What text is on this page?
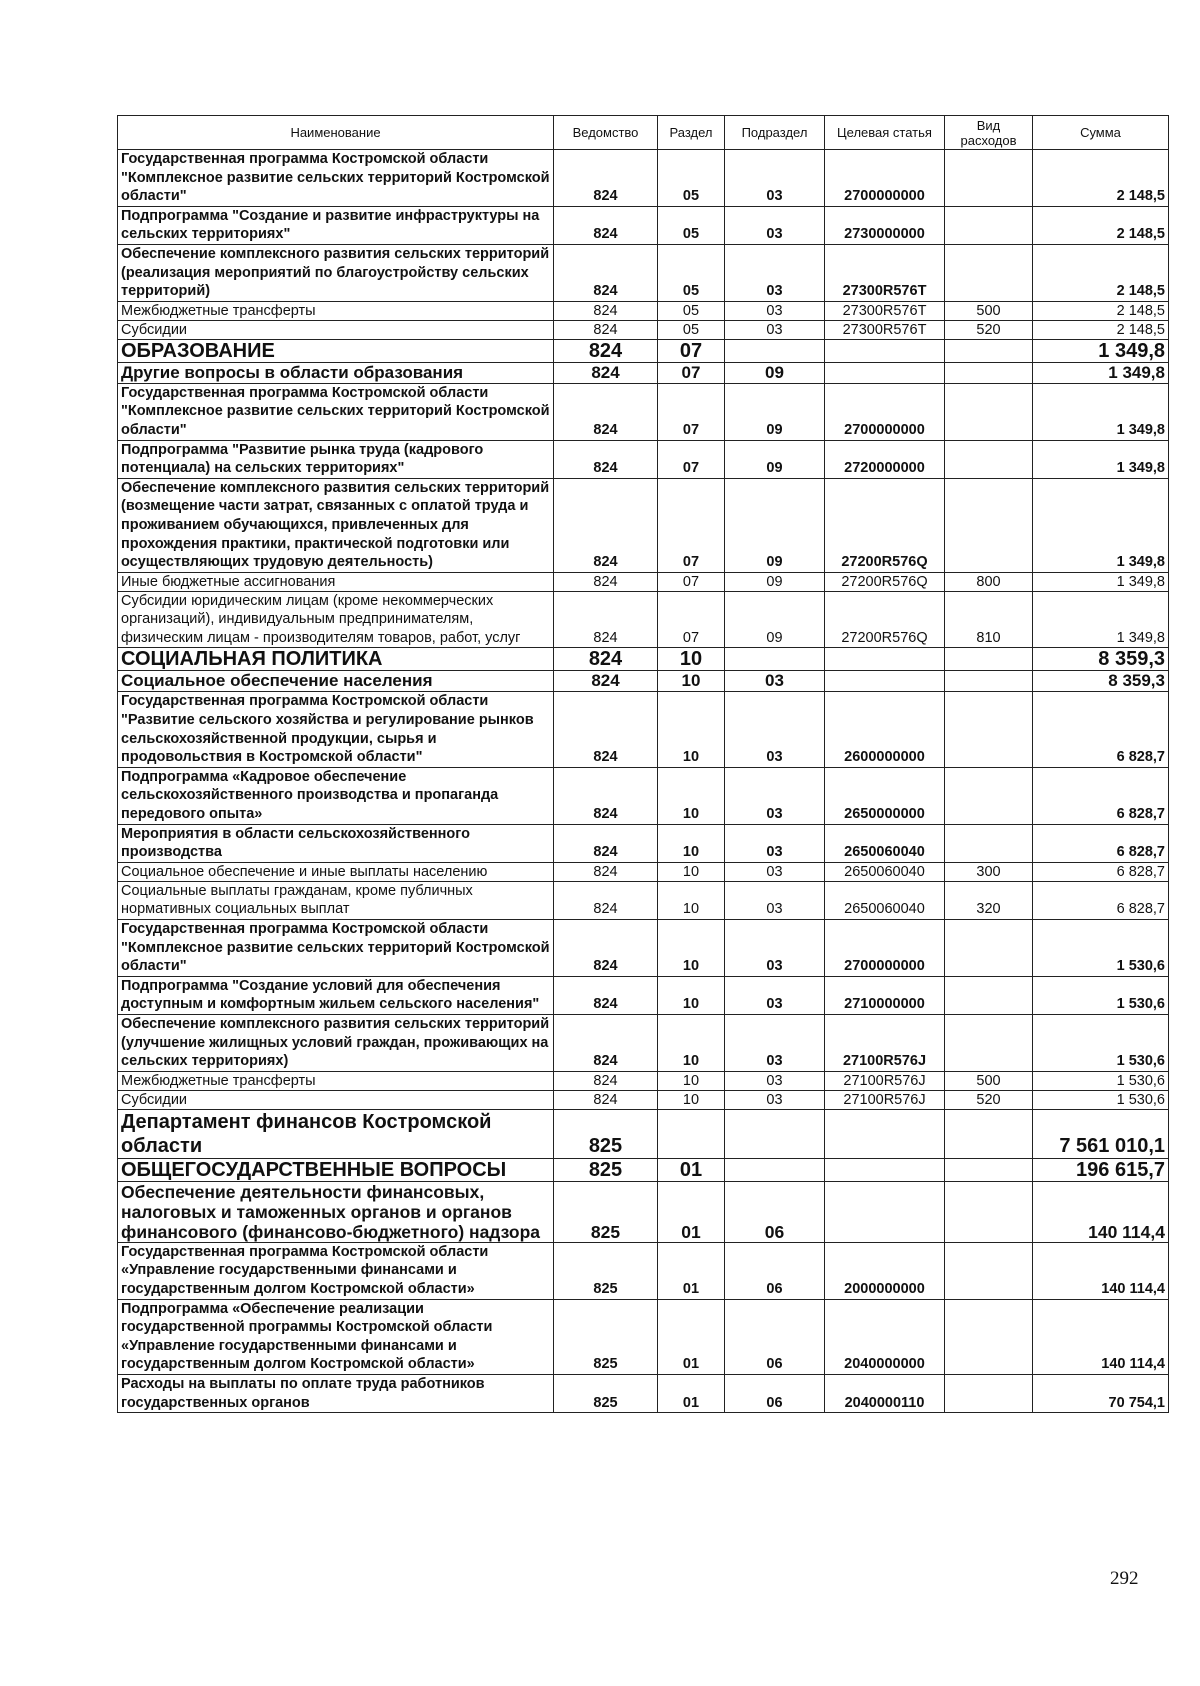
Наименование	Ведомство	Раздел	Подраздел	Целевая статья	Вид расходов	Сумма
Государственная программа Костромской области "Комплексное развитие сельских территорий Костромской области"	824	05	03	2700000000		2 148,5
Подпрограмма "Создание и развитие инфраструктуры на сельских территориях"	824	05	03	2730000000		2 148,5
Обеспечение комплексного развития сельских территорий (реализация мероприятий по благоустройству сельских территорий)	824	05	03	27300R576T		2 148,5
Межбюджетные трансферты	824	05	03	27300R576T	500	2 148,5
Субсидии	824	05	03	27300R576T	520	2 148,5
ОБРАЗОВАНИЕ	824	07				1 349,8
Другие вопросы в области образования	824	07	09			1 349,8
Государственная программа Костромской области "Комплексное развитие сельских территорий Костромской области"	824	07	09	2700000000		1 349,8
Подпрограмма "Развитие рынка труда (кадрового потенциала) на сельских территориях"	824	07	09	2720000000		1 349,8
Обеспечение комплексного развития сельских территорий (возмещение части затрат, связанных с оплатой труда и проживанием обучающихся, привлеченных для прохождения практики, практической подготовки или осуществляющих трудовую деятельность)	824	07	09	27200R576Q		1 349,8
Иные бюджетные ассигнования	824	07	09	27200R576Q	800	1 349,8
Субсидии юридическим лицам (кроме некоммерческих организаций), индивидуальным предпринимателям, физическим лицам - производителям товаров, работ, услуг	824	07	09	27200R576Q	810	1 349,8
СОЦИАЛЬНАЯ ПОЛИТИКА	824	10				8 359,3
Социальное обеспечение населения	824	10	03			8 359,3
Государственная программа Костромской области "Развитие сельского хозяйства и регулирование рынков сельскохозяйственной продукции, сырья и продовольствия в Костромской области"	824	10	03	2600000000		6 828,7
Подпрограмма «Кадровое обеспечение сельскохозяйственного производства и пропаганда передового опыта»	824	10	03	2650000000		6 828,7
Мероприятия в области сельскохозяйственного производства	824	10	03	2650060040		6 828,7
Социальное обеспечение и иные выплаты населению	824	10	03	2650060040	300	6 828,7
Социальные выплаты гражданам, кроме публичных нормативных социальных выплат	824	10	03	2650060040	320	6 828,7
Государственная программа Костромской области "Комплексное развитие сельских территорий Костромской области"	824	10	03	2700000000		1 530,6
Подпрограмма "Создание условий для обеспечения доступным и комфортным жильем сельского населения"	824	10	03	2710000000		1 530,6
Обеспечение комплексного развития сельских территорий (улучшение жилищных условий граждан, проживающих на сельских территориях)	824	10	03	27100R576J		1 530,6
Межбюджетные трансферты	824	10	03	27100R576J	500	1 530,6
Субсидии	824	10	03	27100R576J	520	1 530,6
Департамент финансов Костромской области	825					7 561 010,1
ОБЩЕГОСУДАРСТВЕННЫЕ ВОПРОСЫ	825	01				196 615,7
Обеспечение деятельности финансовых, налоговых и таможенных органов и органов финансового (финансово-бюджетного) надзора	825	01	06			140 114,4
Государственная программа Костромской области «Управление государственными финансами и государственным долгом Костромской области»	825	01	06	2000000000		140 114,4
Подпрограмма «Обеспечение реализации государственной программы Костромской области «Управление государственными финансами и государственным долгом Костромской области»	825	01	06	2040000000		140 114,4
Расходы на выплаты по оплате труда работников государственных органов	825	01	06	2040000110		70 754,1
292
